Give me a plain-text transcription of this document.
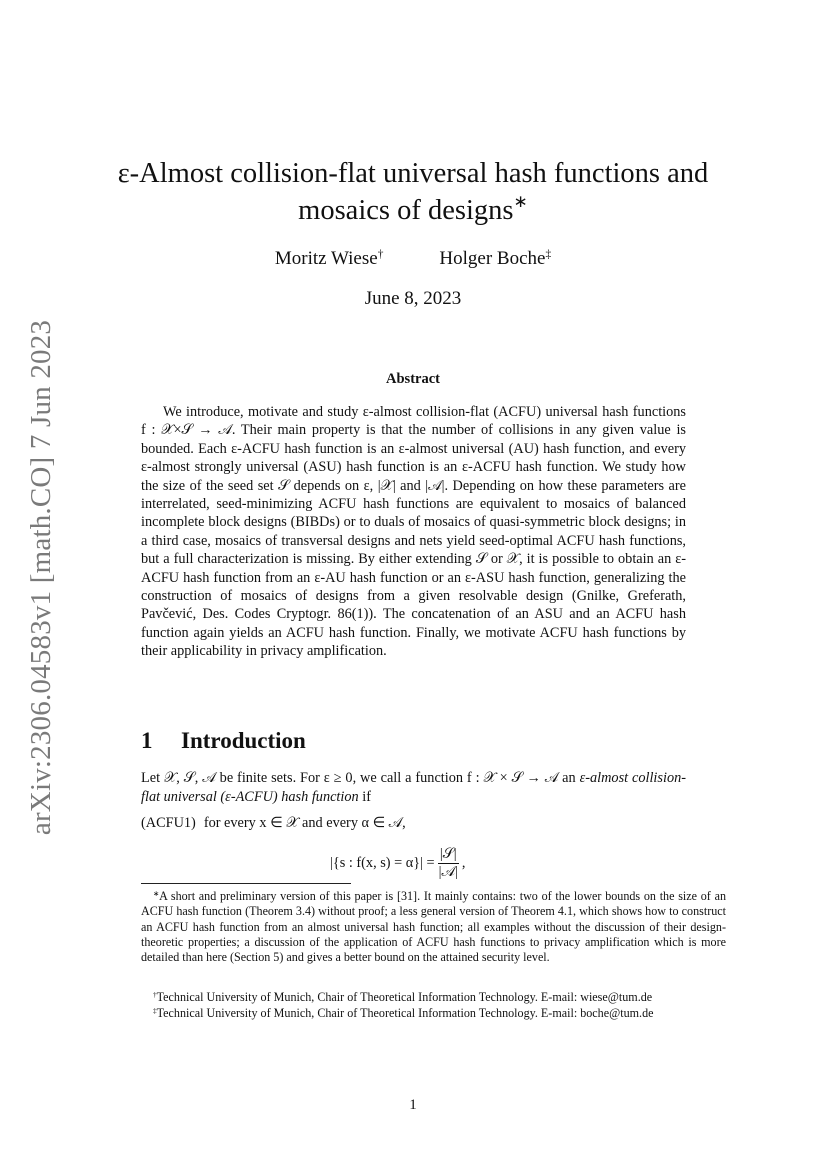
arXiv:2306.04583v1 [math.CO] 7 Jun 2023
ε-Almost collision-flat universal hash functions and
mosaics of designs∗
Moritz Wiese†	Holger Boche‡
June 8, 2023
Abstract
We introduce, motivate and study ε-almost collision-flat (ACFU) universal hash functions f : 𝒳×𝒮 → 𝒜. Their main property is that the number of collisions in any given value is bounded. Each ε-ACFU hash function is an ε-almost universal (AU) hash function, and every ε-almost strongly universal (ASU) hash function is an ε-ACFU hash function. We study how the size of the seed set 𝒮 depends on ε, |𝒳| and |𝒜|. Depending on how these parameters are interrelated, seed-minimizing ACFU hash functions are equivalent to mosaics of balanced incomplete block designs (BIBDs) or to duals of mosaics of quasi-symmetric block designs; in a third case, mosaics of transversal designs and nets yield seed-optimal ACFU hash functions, but a full characterization is missing. By either extending 𝒮 or 𝒳, it is possible to obtain an ε-ACFU hash function from an ε-AU hash function or an ε-ASU hash function, generalizing the construction of mosaics of designs from a given resolvable design (Gnilke, Greferath, Pavčević, Des. Codes Cryptogr. 86(1)). The concatenation of an ASU and an ACFU hash function again yields an ACFU hash function. Finally, we motivate ACFU hash functions by their applicability in privacy amplification.
1 Introduction
Let 𝒳, 𝒮, 𝒜 be finite sets. For ε ≥ 0, we call a function f : 𝒳 × 𝒮 → 𝒜 an ε-almost collision-flat universal (ε-ACFU) hash function if
(ACFU1) for every x ∈ 𝒳 and every α ∈ 𝒜,
|{s : f(x, $s) = \alpha\}| = \frac{\text{|𝒮|}}{\text{|𝒜|}}$ ,
∗A short and preliminary version of this paper is [31]. It mainly contains: two of the lower bounds on the size of an ACFU hash function (Theorem 3.4) without proof; a less general version of Theorem 4.1, which shows how to construct an ACFU hash function from an almost universal hash function; all examples without the discussion of their design-theoretic properties; a discussion of the application of ACFU hash functions to privacy amplification which is more detailed than here (Section 5) and gives a better bound on the attained security level.
†Technical University of Munich, Chair of Theoretical Information Technology. E-mail: wiese@tum.de
‡Technical University of Munich, Chair of Theoretical Information Technology. E-mail: boche@tum.de
1
